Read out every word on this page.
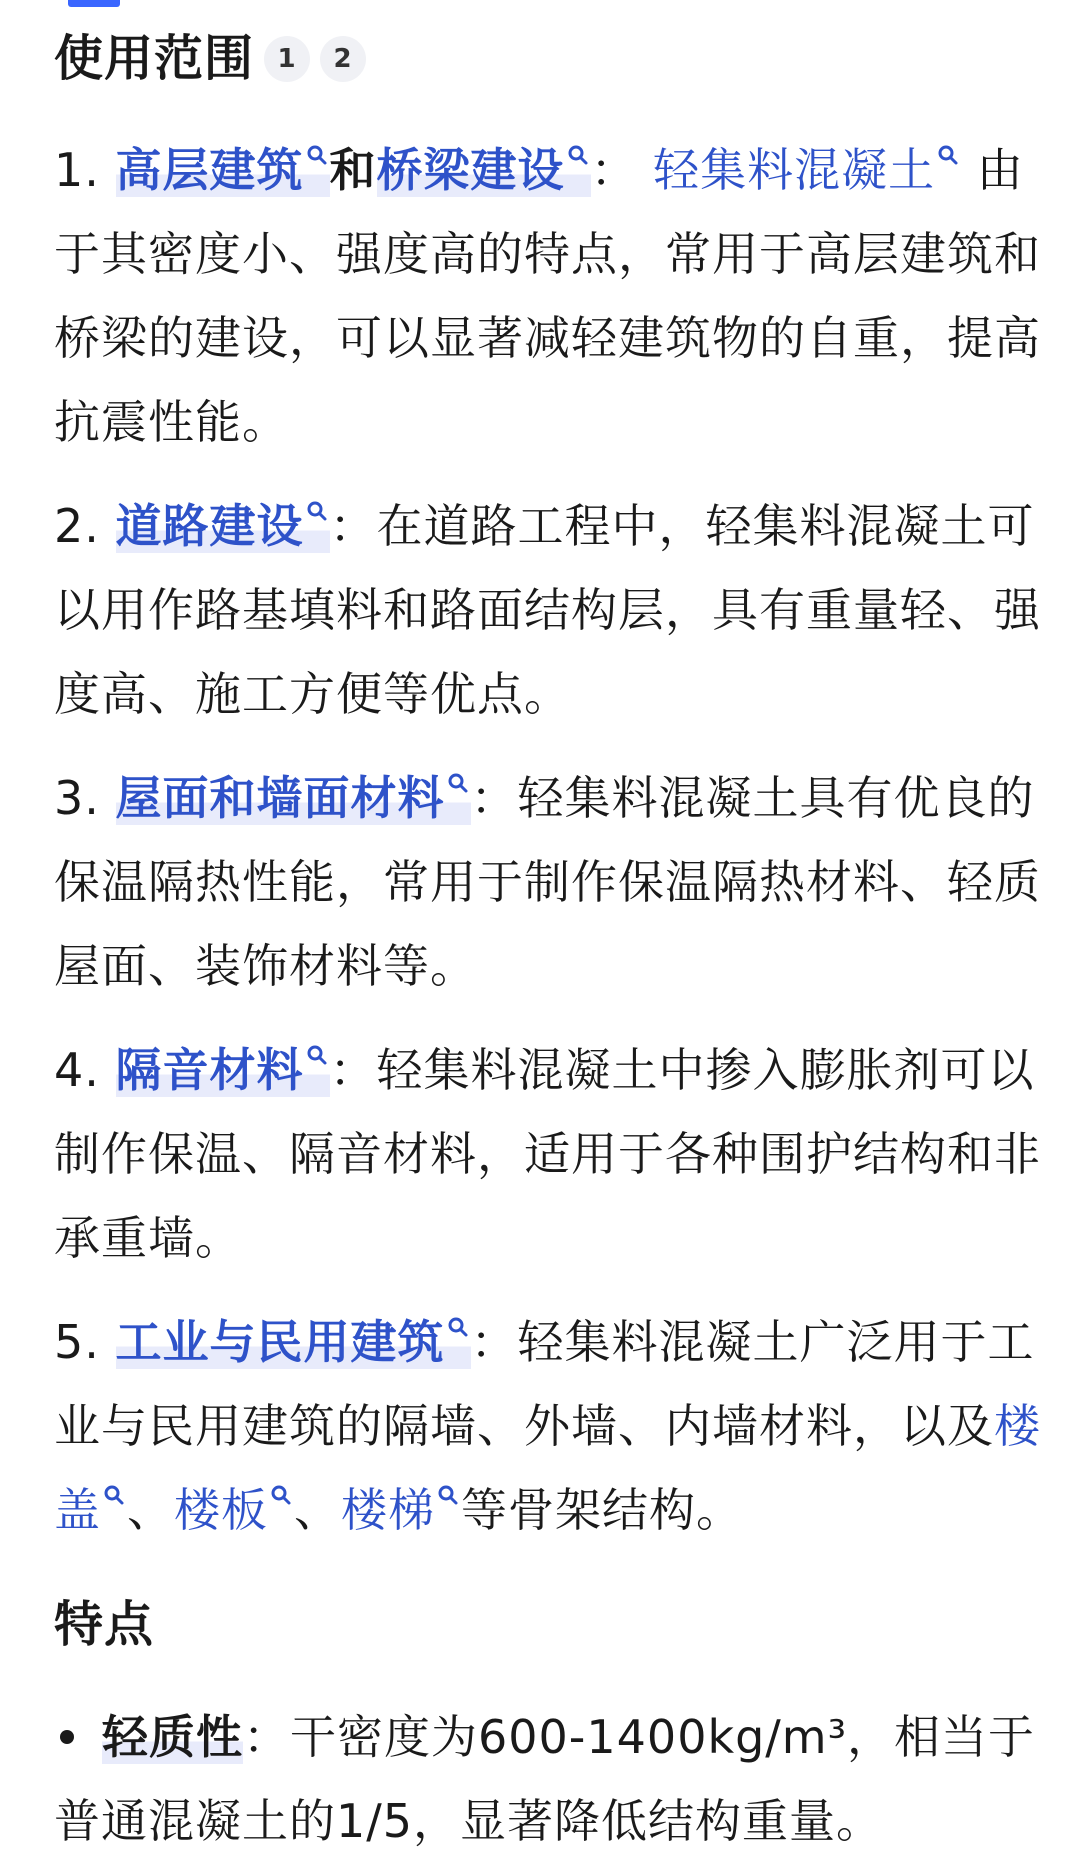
使用范围 1	2

1. 高层建筑 和桥梁建设 ： 轻集料混凝土 由于其密度小、强度高的特点，常用于高层建筑和桥梁的建设，可以显著减轻建筑物的自重，提高抗震性能。

2. 道路建设 ：在道路工程中，轻集料混凝土可以用作路基填料和路面结构层，具有重量轻、强度高、施工方便等优点。

3. 屋面和墙面材料 ：轻集料混凝土具有优良的保温隔热性能，常用于制作保温隔热材料、轻质屋面、装饰材料等。

4. 隔音材料 ：轻集料混凝土中掺入膨胀剂可以制作保温、隔音材料，适用于各种围护结构和非承重墙。

5. 工业与民用建筑 ：轻集料混凝土广泛用于工业与民用建筑的隔墙、外墙、内墙材料，以及楼盖 、楼板 、楼梯 等骨架结构。

特点
轻质性：干密度为600-1400kg/m³，相当于普通混凝土的1/5，显著降低结构重量。
